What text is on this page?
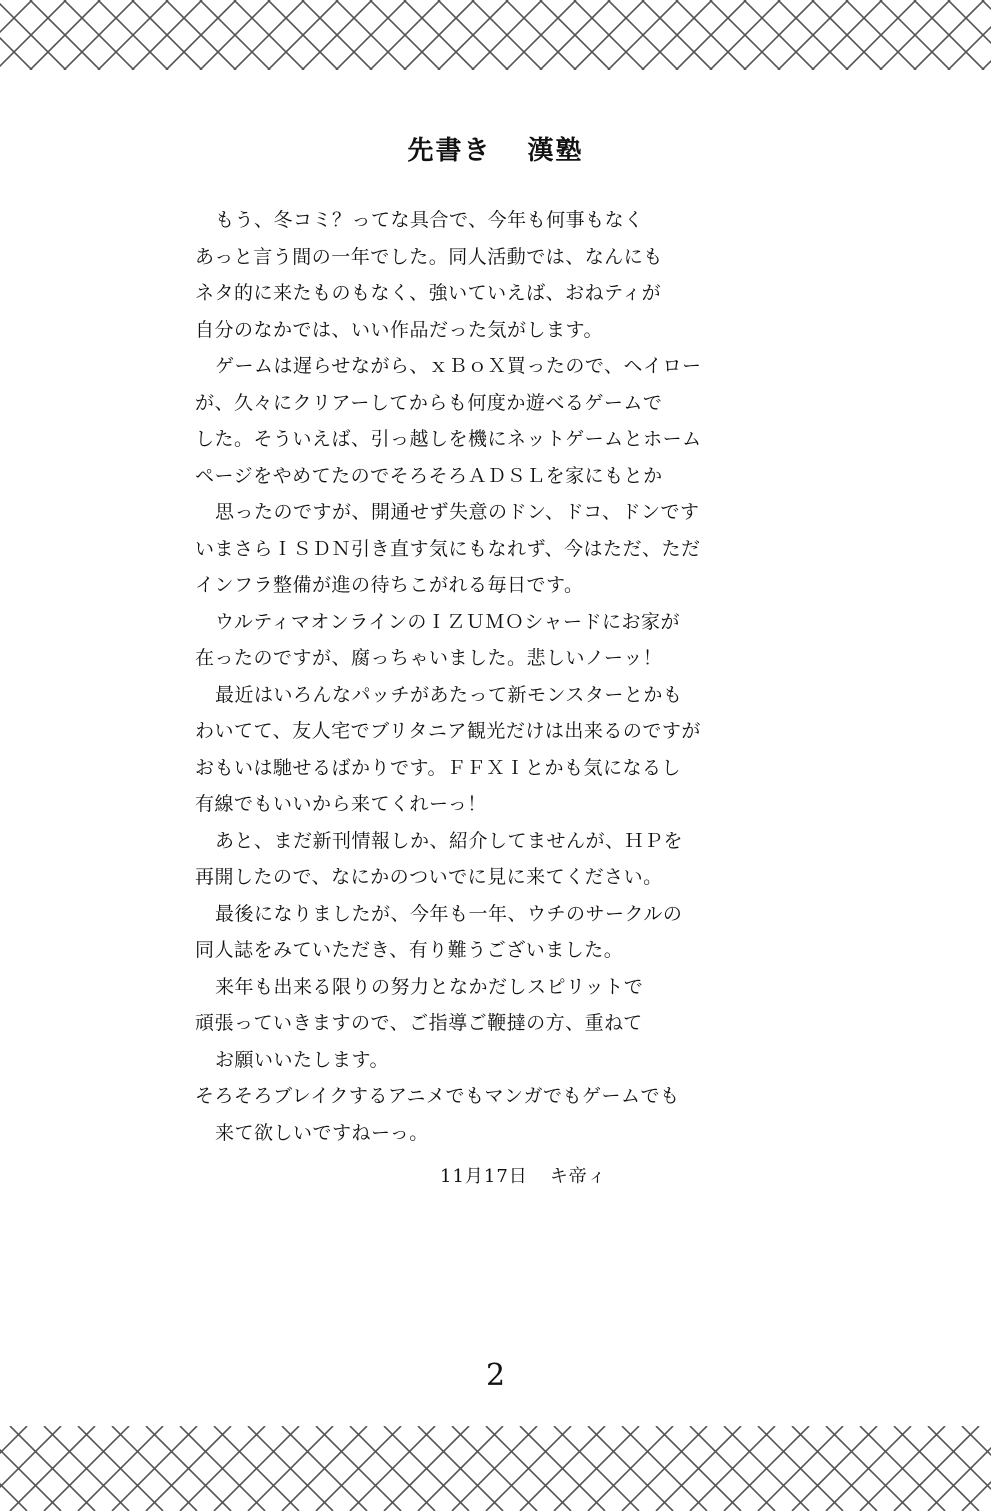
先書き 漢塾
もう、冬コミ？ってな具合で、今年も何事もなく
あっと言う間の一年でした。同人活動では、なんにも
ネタ的に来たものもなく、強いていえば、おねティが
自分のなかでは、いい作品だった気がします。
ゲームは遅らせながら、ｘＢｏＸ買ったので、ヘイロー
が、久々にクリアーしてからも何度か遊べるゲームで
した。そういえば、引っ越しを機にネットゲームとホーム
ページをやめてたのでそろそろＡＤＳＬを家にもとか
思ったのですが、開通せず失意のドン、ドコ、ドンです
いまさらＩＳＤＮ引き直す気にもなれず、今はただ、ただ
インフラ整備が進の待ちこがれる毎日です。
ウルティマオンラインのＩＺＵＭＯシャードにお家が
在ったのですが、腐っちゃいました。悲しいノーッ！
最近はいろんなパッチがあたって新モンスターとかも
わいてて、友人宅でブリタニア観光だけは出来るのですが
おもいは馳せるばかりです。ＦＦＸＩとかも気になるし
有線でもいいから来てくれーっ！
あと、まだ新刊情報しか、紹介してませんが、ＨＰを
再開したので、なにかのついでに見に来てください。
最後になりましたが、今年も一年、ウチのサークルの
同人誌をみていただき、有り難うございました。
来年も出来る限りの努力となかだしスピリットで
頑張っていきますので、ご指導ご鞭撻の方、重ねて
お願いいたします。
そろそろブレイクするアニメでもマンガでもゲームでも
来て欲しいですねーっ。
11月17日 キ帝ィ
2
